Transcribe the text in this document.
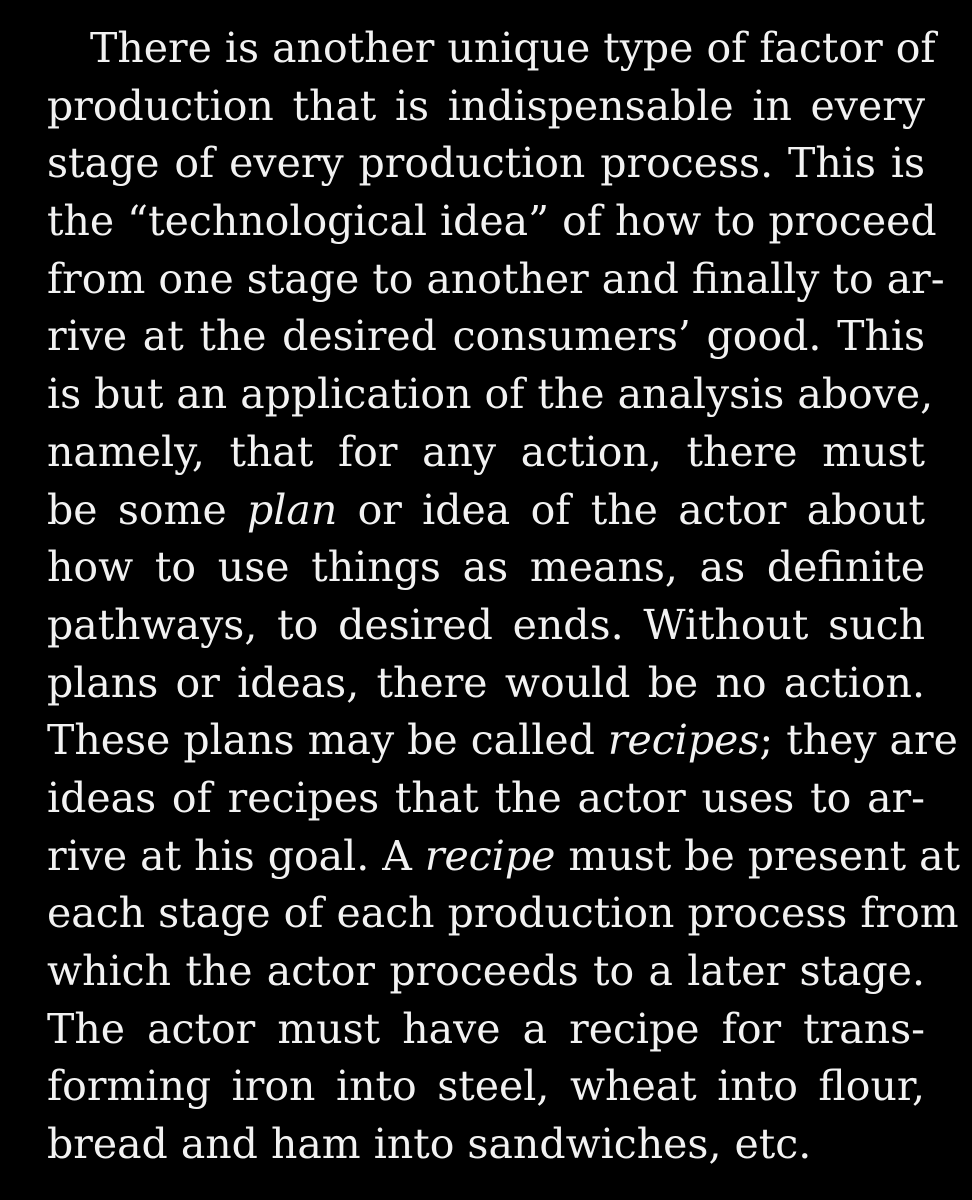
There is another unique type of factor of
production that is indispensable in every
stage of every production process. This is
the “technological idea” of how to proceed
from one stage to another and finally to ar-
rive at the desired consumers’ good. This
is but an application of the analysis above,
namely, that for any action, there must
be some plan or idea of the actor about
how to use things as means, as definite
pathways, to desired ends. Without such
plans or ideas, there would be no action.
These plans may be called recipes; they are
ideas of recipes that the actor uses to ar-
rive at his goal. A recipe must be present at
each stage of each production process from
which the actor proceeds to a later stage.
The actor must have a recipe for trans-
forming iron into steel, wheat into flour,
bread and ham into sandwiches, etc.
